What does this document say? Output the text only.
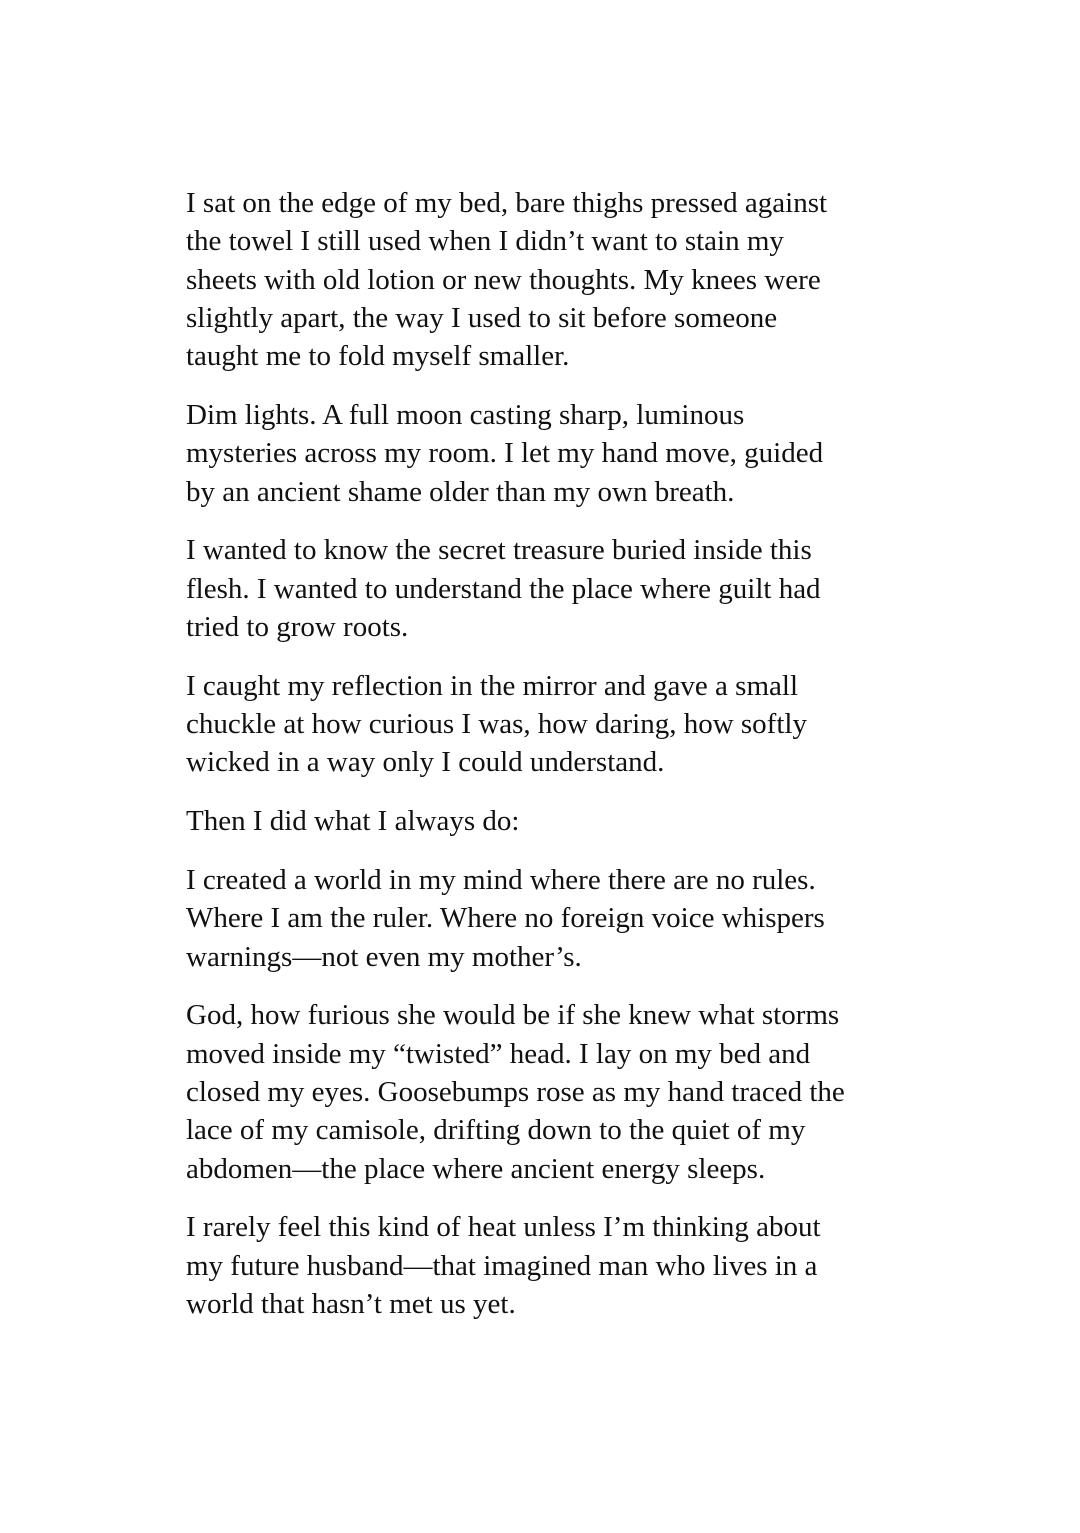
I sat on the edge of my bed, bare thighs pressed against
the towel I still used when I didn’t want to stain my
sheets with old lotion or new thoughts. My knees were
slightly apart, the way I used to sit before someone
taught me to fold myself smaller.

Dim lights. A full moon casting sharp, luminous
mysteries across my room. I let my hand move, guided
by an ancient shame older than my own breath.

I wanted to know the secret treasure buried inside this
flesh. I wanted to understand the place where guilt had
tried to grow roots.

I caught my reflection in the mirror and gave a small
chuckle at how curious I was, how daring, how softly
wicked in a way only I could understand.

Then I did what I always do:

I created a world in my mind where there are no rules.
Where I am the ruler. Where no foreign voice whispers
warnings—not even my mother’s.

God, how furious she would be if she knew what storms
moved inside my “twisted” head. I lay on my bed and
closed my eyes. Goosebumps rose as my hand traced the
lace of my camisole, drifting down to the quiet of my
abdomen—the place where ancient energy sleeps.

I rarely feel this kind of heat unless I’m thinking about
my future husband—that imagined man who lives in a
world that hasn’t met us yet.
